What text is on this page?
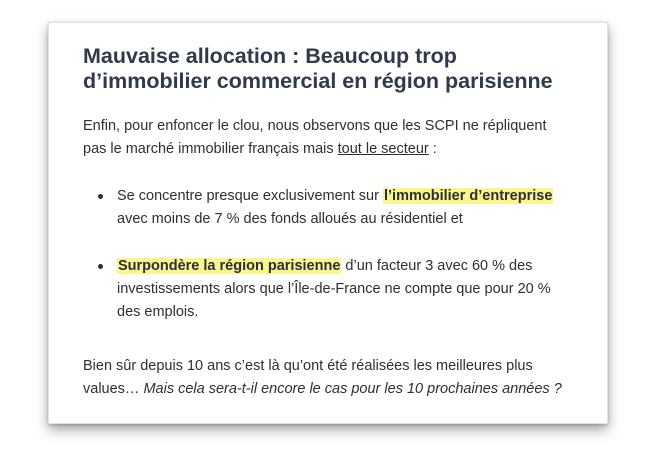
Mauvaise allocation : Beaucoup trop
d’immobilier commercial en région parisienne

Enfin, pour enfoncer le clou, nous observons que les SCPI ne répliquent
pas le marché immobilier français mais tout le secteur :

Se concentre presque exclusivement sur l’immobilier d’entreprise
avec moins de 7 % des fonds alloués au résidentiel et
Surpondère la région parisienne d’un facteur 3 avec 60 % des
investissements alors que l’Île-de-France ne compte que pour 20 %
des emplois.

Bien sûr depuis 10 ans c’est là qu’ont été réalisées les meilleures plus
values… Mais cela sera-t-il encore le cas pour les 10 prochaines années ?
